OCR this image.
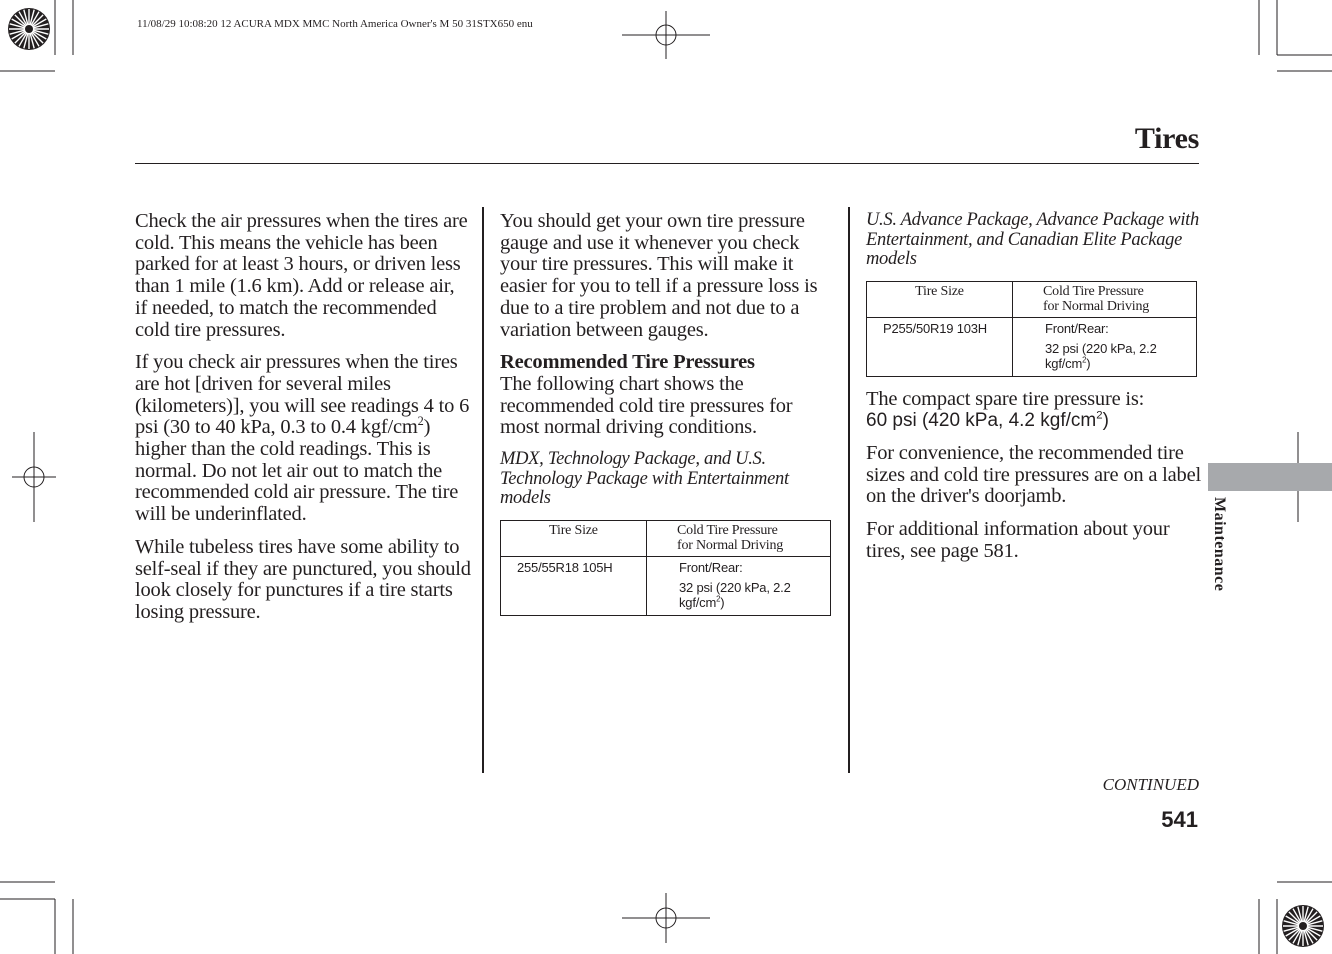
11/08/29 10:08:20 12 ACURA MDX MMC North America Owner's M 50 31STX650 enu
Tires

Check the air pressures when the tires are cold. This means the vehicle has been parked for at least 3 hours, or driven less than 1 mile (1.6 km). Add or release air, if needed, to match the recommended cold tire pressures.

If you check air pressures when the tires are hot [driven for several miles (kilometers)], you will see readings 4 to 6 psi (30 to 40 kPa, 0.3 to 0.4 kgf/$cm^2$) higher than the cold readings. This is normal. Do not let air out to match the recommended cold air pressure. The tire will be underinflated.

While tubeless tires have some ability to self-seal if they are punctured, you should look closely for punctures if a tire starts losing pressure.

You should get your own tire pressure gauge and use it whenever you check your tire pressures. This will make it easier for you to tell if a pressure loss is due to a tire problem and not due to a variation between gauges.

Recommended Tire Pressures
The following chart shows the recommended cold tire pressures for most normal driving conditions.

MDX, Technology Package, and U.S. Technology Package with Entertainment models

Tire Size	Cold Tire Pressure
for Normal Driving
255/55R18 105H	Front/Rear:
32 psi (220 kPa, 2.2 kgf/$cm^2$)

U.S. Advance Package, Advance Package with Entertainment, and Canadian Elite Package models

Tire Size	Cold Tire Pressure
for Normal Driving
P255/50R19 103H	Front/Rear:
32 psi (220 kPa, 2.2 kgf/$cm^2$)

The compact spare tire pressure is:
60 psi (420 kPa, 4.2 kgf/$cm^2$)

For convenience, the recommended tire sizes and cold tire pressures are on a label on the driver's doorjamb.

For additional information about your tires, see page 581.	Maintenance
CONTINUED
541
